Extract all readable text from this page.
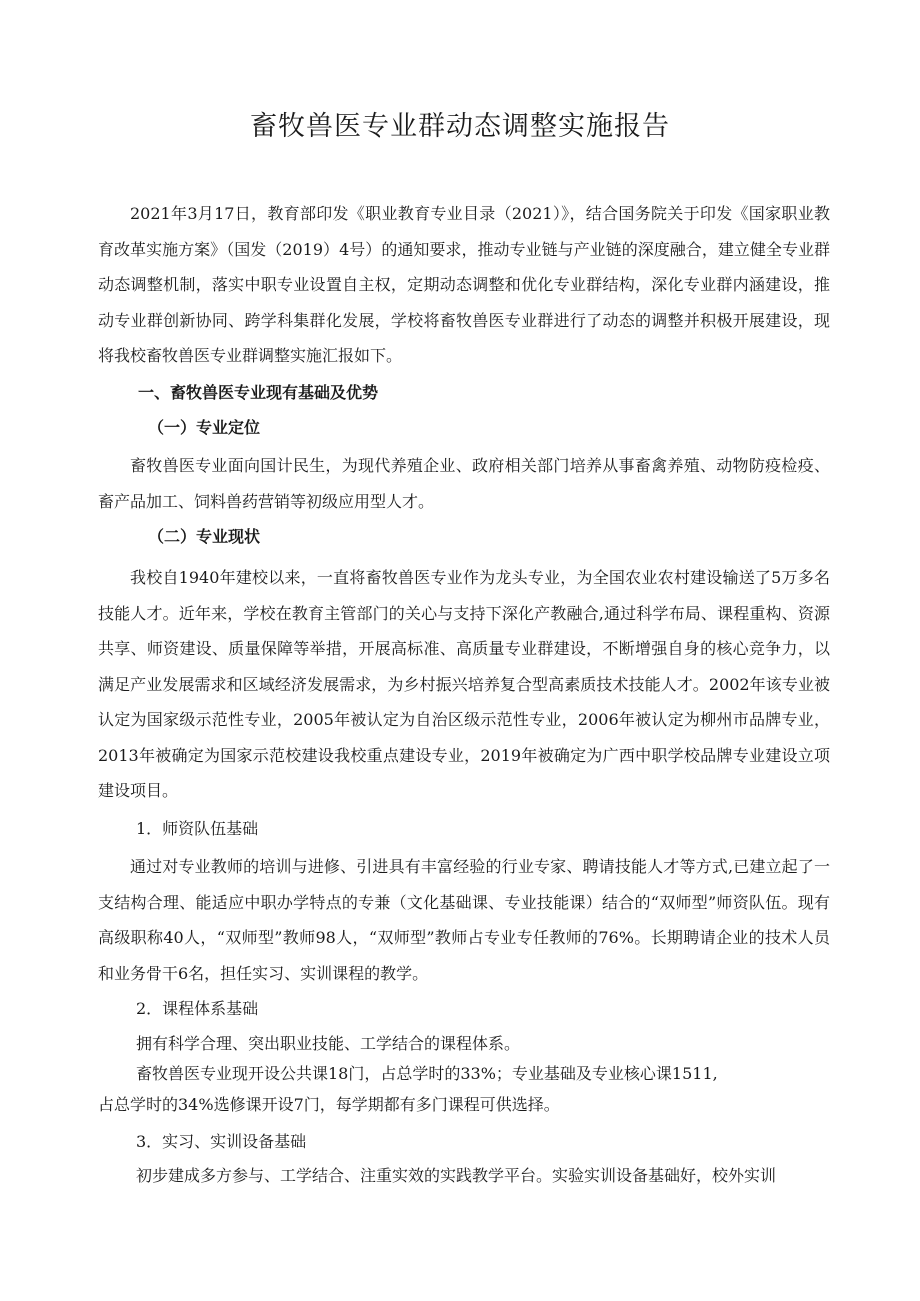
畜牧兽医专业群动态调整实施报告

2021年3月17日，教育部印发《职业教育专业目录（2021）》，结合国务院关于印发《国家职业教育改革实施方案》（国发（2019）4号）的通知要求，推动专业链与产业链的深度融合，建立健全专业群动态调整机制，落实中职专业设置自主权，定期动态调整和优化专业群结构，深化专业群内涵建设，推动专业群创新协同、跨学科集群化发展，学校将畜牧兽医专业群进行了动态的调整并积极开展建设，现将我校畜牧兽医专业群调整实施汇报如下。

一、畜牧兽医专业现有基础及优势

（一）专业定位

畜牧兽医专业面向国计民生，为现代养殖企业、政府相关部门培养从事畜禽养殖、动物防疫检疫、畜产品加工、饲料兽药营销等初级应用型人才。

（二）专业现状

我校自1940年建校以来，一直将畜牧兽医专业作为龙头专业，为全国农业农村建设输送了5万多名技能人才。近年来，学校在教育主管部门的关心与支持下深化产教融合,通过科学布局、课程重构、资源共享、师资建设、质量保障等举措，开展高标准、高质量专业群建设，不断增强自身的核心竞争力，以满足产业发展需求和区域经济发展需求，为乡村振兴培养复合型高素质技术技能人才。2002年该专业被认定为国家级示范性专业，2005年被认定为自治区级示范性专业，2006年被认定为柳州市品牌专业，2013年被确定为国家示范校建设我校重点建设专业，2019年被确定为广西中职学校品牌专业建设立项建设项目。

1．师资队伍基础

通过对专业教师的培训与进修、引进具有丰富经验的行业专家、聘请技能人才等方式,已建立起了一支结构合理、能适应中职办学特点的专兼（文化基础课、专业技能课）结合的“双师型”师资队伍。现有高级职称40人，“双师型”教师98人，“双师型”教师占专业专任教师的76%。长期聘请企业的技术人员和业务骨干6名，担任实习、实训课程的教学。

2．课程体系基础

拥有科学合理、突出职业技能、工学结合的课程体系。

畜牧兽医专业现开设公共课18门，占总学时的33%；专业基础及专业核心课1511,

占总学时的34%选修课开设7门，每学期都有多门课程可供选择。

3．实习、实训设备基础

初步建成多方参与、工学结合、注重实效的实践教学平台。实验实训设备基础好，校外实训
